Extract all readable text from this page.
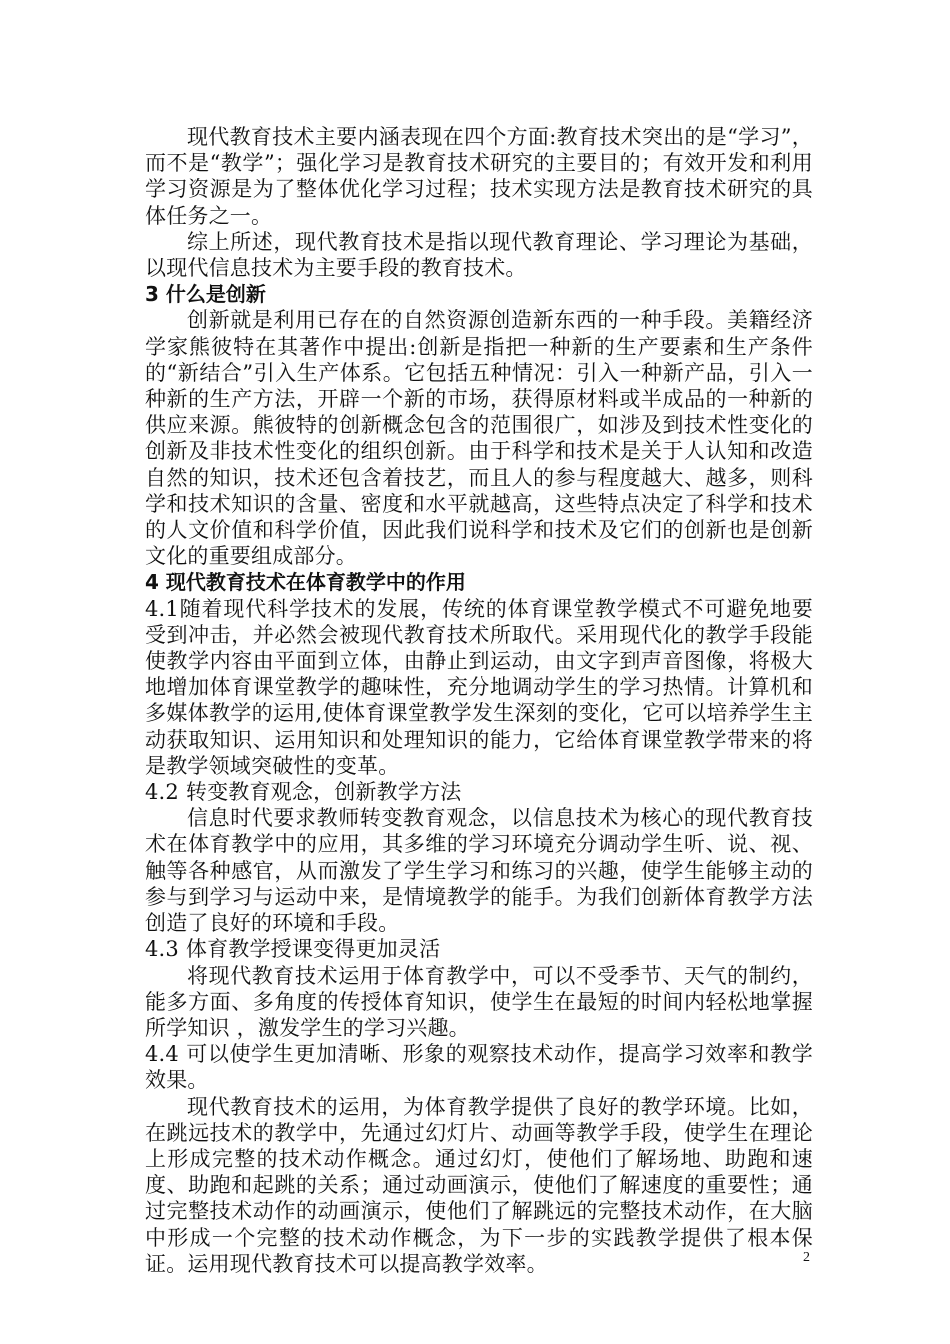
现代教育技术主要内涵表现在四个方面:教育技术突出的是“学习”，而不是“教学”；强化学习是教育技术研究的主要目的；有效开发和利用学习资源是为了整体优化学习过程；技术实现方法是教育技术研究的具体任务之一。

综上所述，现代教育技术是指以现代教育理论、学习理论为基础，以现代信息技术为主要手段的教育技术。

3 什么是创新

创新就是利用已存在的自然资源创造新东西的一种手段。美籍经济学家熊彼特在其著作中提出:创新是指把一种新的生产要素和生产条件的“新结合”引入生产体系。它包括五种情况：引入一种新产品，引入一种新的生产方法，开辟一个新的市场，获得原材料或半成品的一种新的供应来源。熊彼特的创新概念包含的范围很广，如涉及到技术性变化的创新及非技术性变化的组织创新。由于科学和技术是关于人认知和改造自然的知识，技术还包含着技艺，而且人的参与程度越大、越多，则科学和技术知识的含量、密度和水平就越高，这些特点决定了科学和技术的人文价值和科学价值，因此我们说科学和技术及它们的创新也是创新文化的重要组成部分。

4 现代教育技术在体育教学中的作用

4.1随着现代科学技术的发展，传统的体育课堂教学模式不可避免地要受到冲击，并必然会被现代教育技术所取代。采用现代化的教学手段能使教学内容由平面到立体，由静止到运动，由文字到声音图像，将极大地增加体育课堂教学的趣味性，充分地调动学生的学习热情。计算机和多媒体教学的运用,使体育课堂教学发生深刻的变化，它可以培养学生主动获取知识、运用知识和处理知识的能力，它给体育课堂教学带来的将是教学领域突破性的变革。

4.2 转变教育观念，创新教学方法

信息时代要求教师转变教育观念，以信息技术为核心的现代教育技术在体育教学中的应用，其多维的学习环境充分调动学生听、说、视、触等各种感官，从而激发了学生学习和练习的兴趣，使学生能够主动的参与到学习与运动中来，是情境教学的能手。为我们创新体育教学方法创造了良好的环境和手段。

4.3 体育教学授课变得更加灵活

将现代教育技术运用于体育教学中，可以不受季节、天气的制约，能多方面、多角度的传授体育知识，使学生在最短的时间内轻松地掌握所学知识 ，激发学生的学习兴趣。

4.4 可以使学生更加清晰、形象的观察技术动作，提高学习效率和教学效果。

现代教育技术的运用，为体育教学提供了良好的教学环境。比如，在跳远技术的教学中，先通过幻灯片、动画等教学手段，使学生在理论上形成完整的技术动作概念。通过幻灯，使他们了解场地、助跑和速度、助跑和起跳的关系；通过动画演示，使他们了解速度的重要性；通过完整技术动作的动画演示，使他们了解跳远的完整技术动作，在大脑中形成一个完整的技术动作概念，为下一步的实践教学提供了根本保证。运用现代教育技术可以提高教学效率。	2
